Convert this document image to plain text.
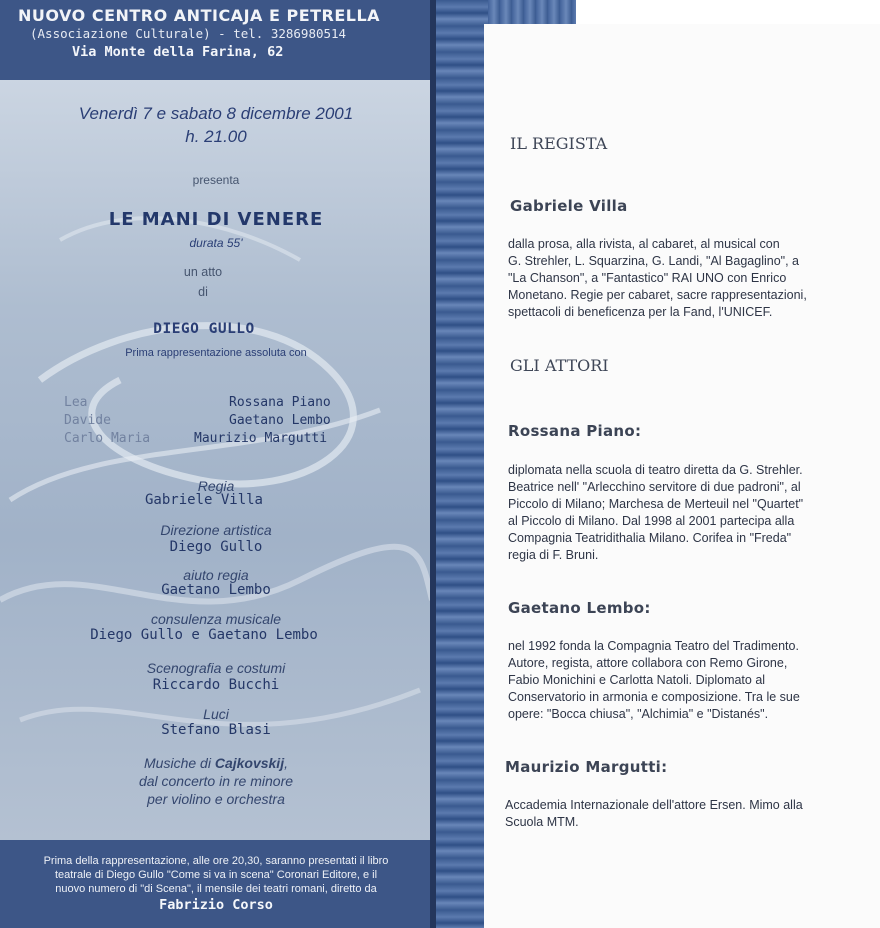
NUOVO CENTRO ANTICAJA E PETRELLA
(Associazione Culturale) - tel. 3286980514
Via Monte della Farina, 62
Venerdì 7 e sabato 8 dicembre 2001
h. 21.00
presenta
LE MANI DI VENERE
durata 55'
un atto
di
DIEGO GULLO
Prima rappresentazione assoluta con
Lea	Rossana Piano
Davide	Gaetano Lembo
Carlo Maria	Maurizio Margutti
Regia
Gabriele Villa
Direzione artistica
Diego Gullo
aiuto regia
Gaetano Lembo
consulenza musicale
Diego Gullo e Gaetano Lembo
Scenografia e costumi
Riccardo Bucchi
Luci
Stefano Blasi
Musiche di Cajkovskij,
dal concerto in re minore
per violino e orchestra
Prima della rappresentazione, alle ore 20,30, saranno presentati il libro
teatrale di Diego Gullo "Come si va in scena" Coronari Editore, e il
nuovo numero di "di Scena", il mensile dei teatri romani, diretto da
Fabrizio Corso
IL REGISTA
Gabriele Villa
dalla prosa, alla rivista, al cabaret, al musical con
G. Strehler, L. Squarzina, G. Landi, "Al Bagaglino", a
"La Chanson", a "Fantastico" RAI UNO con Enrico
Monetano. Regie per cabaret, sacre rappresentazioni,
spettacoli di beneficenza per la Fand, l'UNICEF.
GLI ATTORI
Rossana Piano:
diplomata nella scuola di teatro diretta da G. Strehler.
Beatrice nell' "Arlecchino servitore di due padroni", al
Piccolo di Milano; Marchesa de Merteuil nel "Quartet"
al Piccolo di Milano. Dal 1998 al 2001 partecipa alla
Compagnia Teatridithalia Milano. Corifea in "Freda"
regia di F. Bruni.
Gaetano Lembo:
nel 1992 fonda la Compagnia Teatro del Tradimento.
Autore, regista, attore collabora con Remo Girone,
Fabio Monichini e Carlotta Natoli. Diplomato al
Conservatorio in armonia e composizione. Tra le sue
opere: "Bocca chiusa", "Alchimia" e "Distanés".
Maurizio Margutti:
Accademia Internazionale dell'attore Ersen. Mimo alla
Scuola MTM.
